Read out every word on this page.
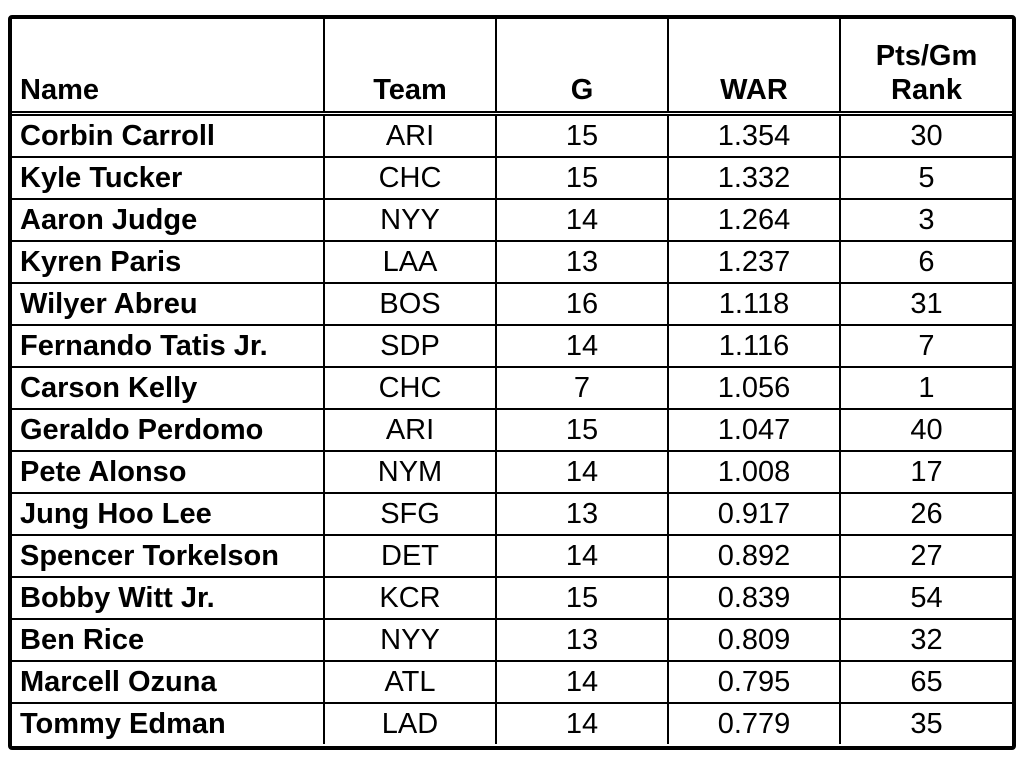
Name	Team	G	WAR	Pts/Gm
Rank

Corbin Carroll	ARI	15	1.354	30
Kyle Tucker	CHC	15	1.332	5
Aaron Judge	NYY	14	1.264	3
Kyren Paris	LAA	13	1.237	6
Wilyer Abreu	BOS	16	1.118	31
Fernando Tatis Jr.	SDP	14	1.116	7
Carson Kelly	CHC	7	1.056	1
Geraldo Perdomo	ARI	15	1.047	40
Pete Alonso	NYM	14	1.008	17
Jung Hoo Lee	SFG	13	0.917	26
Spencer Torkelson	DET	14	0.892	27
Bobby Witt Jr.	KCR	15	0.839	54
Ben Rice	NYY	13	0.809	32
Marcell Ozuna	ATL	14	0.795	65
Tommy Edman	LAD	14	0.779	35
